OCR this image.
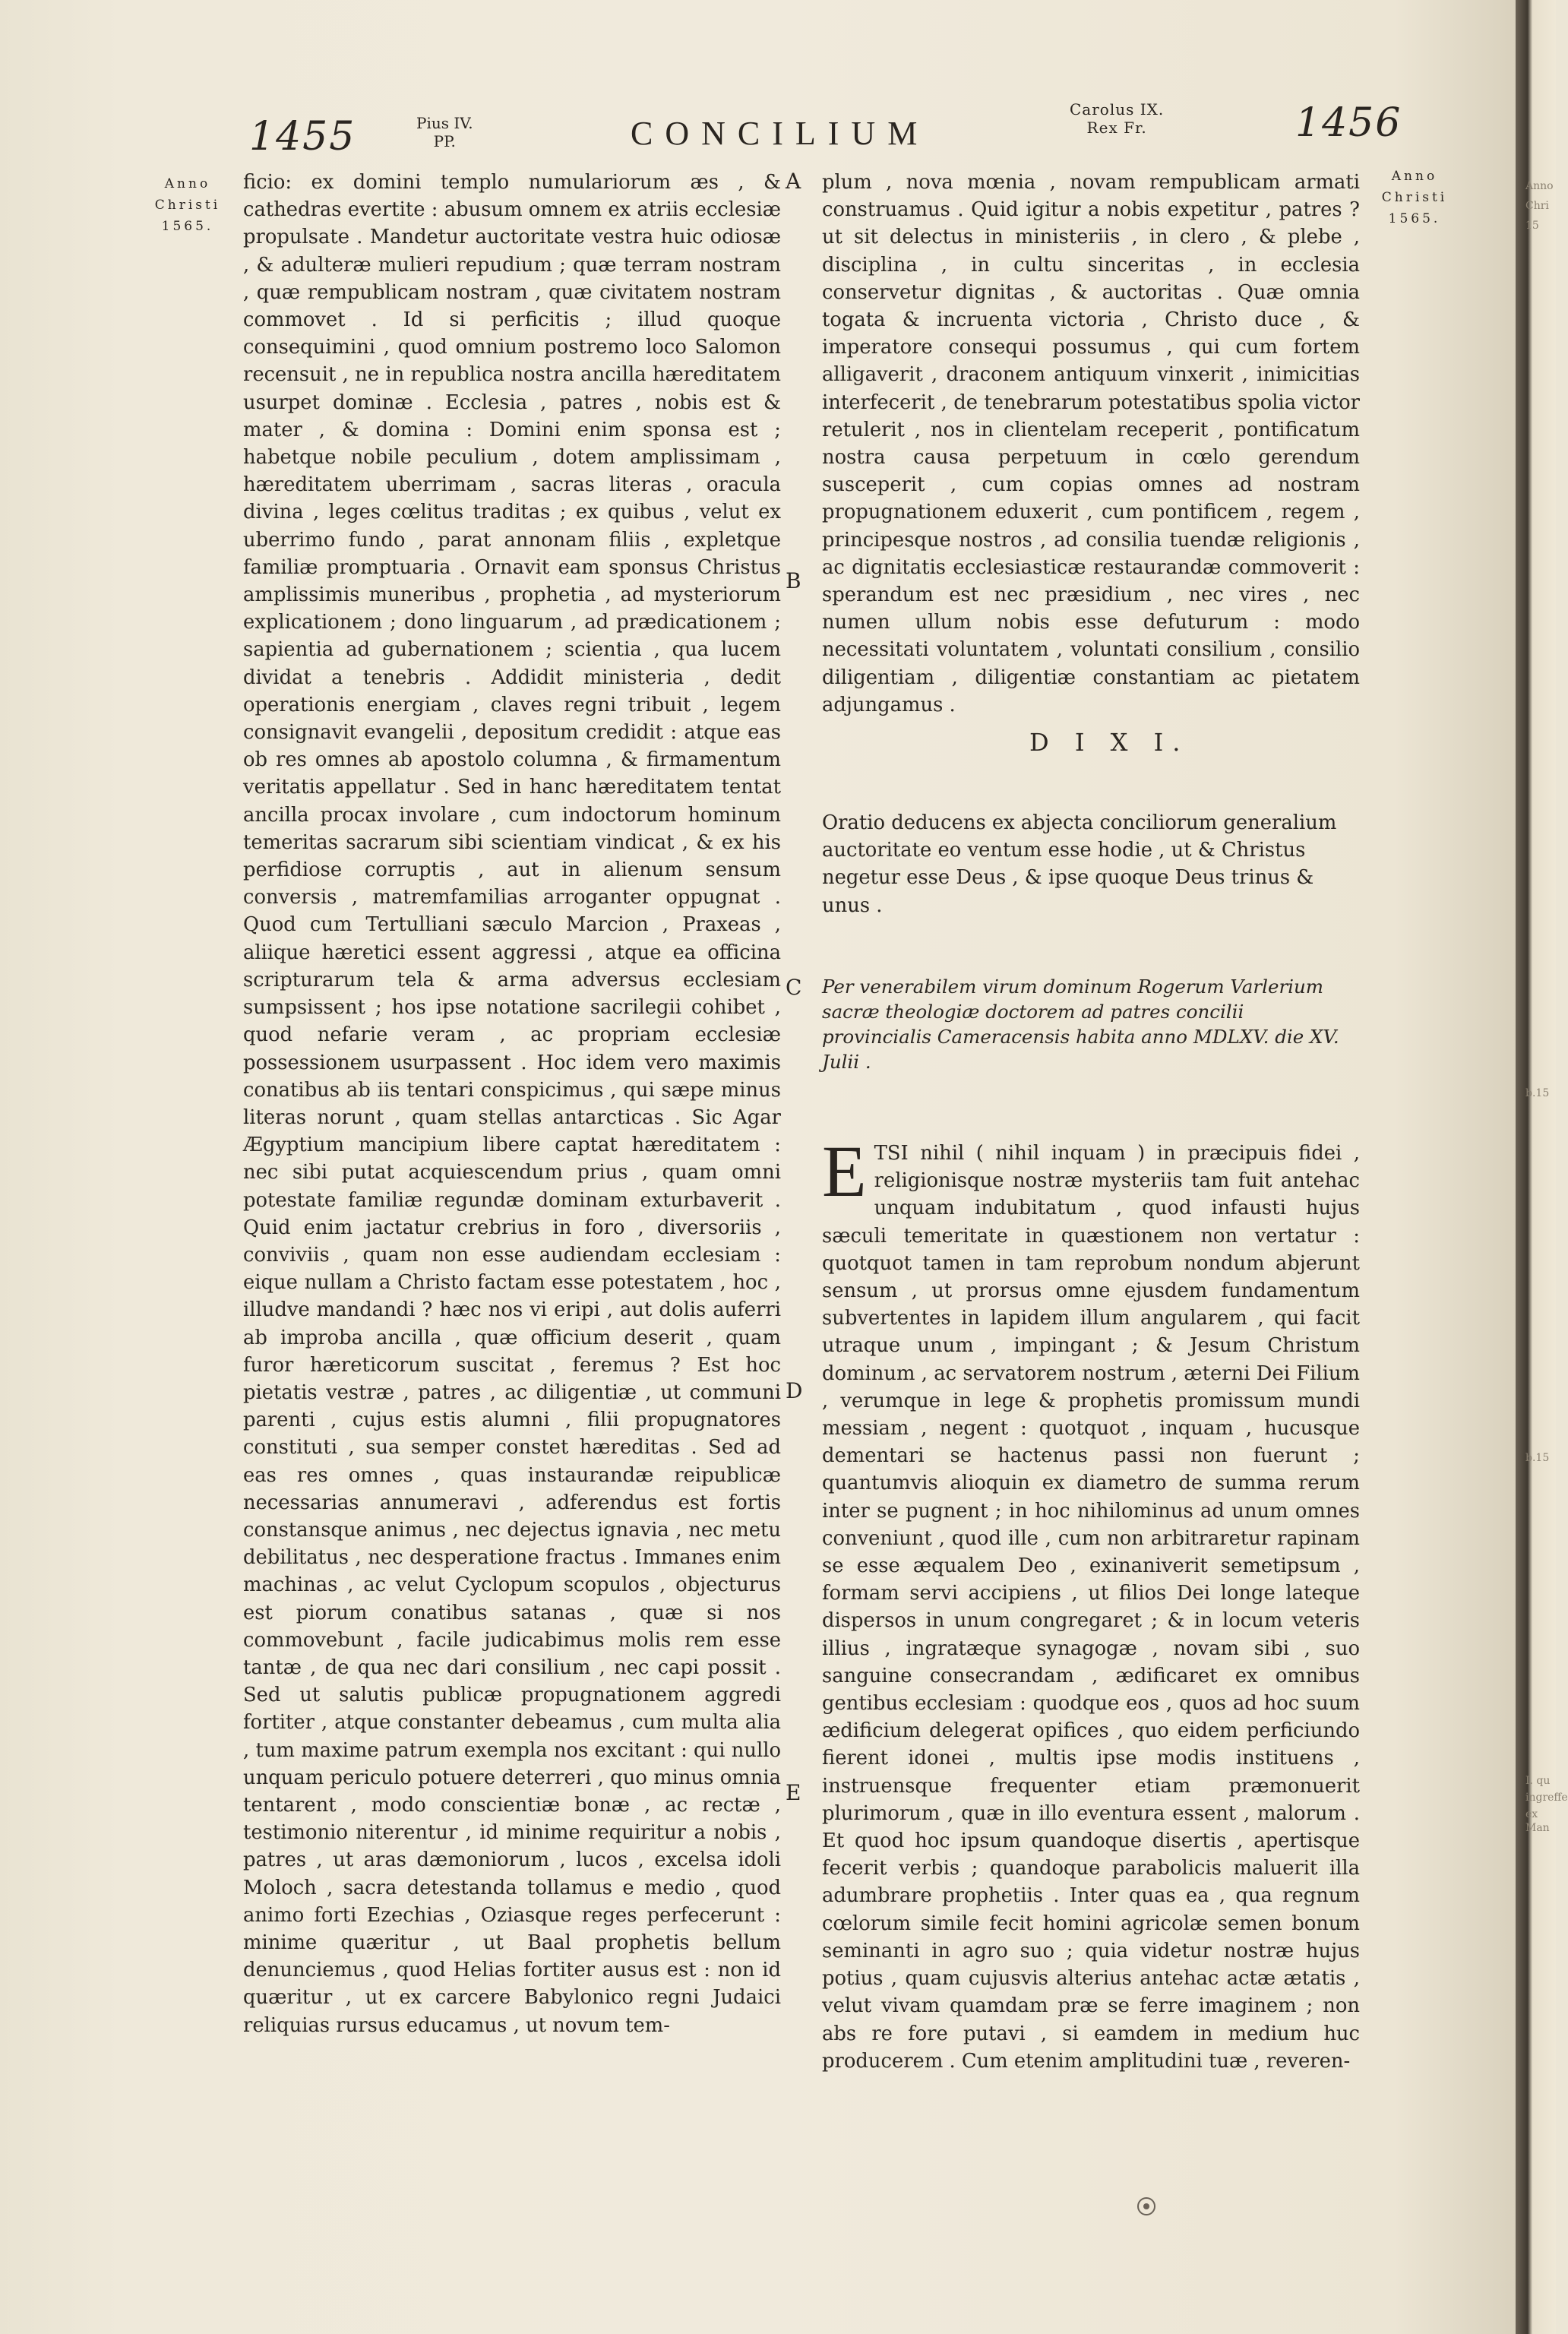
1455	Pius IV.
PP.	CONCILIUM
Carolus IX.
Rex Fr.	1456
Anno
Christi
1565.
Anno
Christi
1565.
A
B
C
D
E

ficio: ex domini templo numulariorum æs , & cathedras evertite : abusum omnem ex atriis ecclesiæ propulsate . Mandetur auctoritate vestra huic odiosæ , & adulteræ mulieri repudium ; quæ terram nostram , quæ rempublicam nostram , quæ civitatem nostram commovet . Id si perficitis ; illud quoque consequimini , quod omnium postremo loco Salomon recensuit , ne in republica nostra ancilla hæreditatem usurpet dominæ . Ecclesia , patres , nobis est & mater , & domina : Domini enim sponsa est ; habetque nobile peculium , dotem amplissimam , hæreditatem uberrimam , sacras literas , oracula divina , leges cœlitus traditas ; ex quibus , velut ex uberrimo fundo , parat annonam filiis , expletque familiæ promptuaria . Ornavit eam sponsus Christus amplissimis muneribus , prophetia , ad mysteriorum explicationem ; dono linguarum , ad prædicationem ; sapientia ad gubernationem ; scientia , qua lucem dividat a tenebris . Addidit ministeria , dedit operationis energiam , claves regni tribuit , legem consignavit evangelii , depositum credidit : atque eas ob res omnes ab apostolo columna , & firmamentum veritatis appellatur . Sed in hanc hæreditatem tentat ancilla procax involare , cum indoctorum hominum temeritas sacrarum sibi scientiam vindicat , & ex his perfidiose corruptis , aut in alienum sensum conversis , matremfamilias arroganter oppugnat . Quod cum Tertulliani sæculo Marcion , Praxeas , aliique hæretici essent aggressi , atque ea officina scripturarum tela & arma adversus ecclesiam sumpsissent ; hos ipse notatione sacrilegii cohibet , quod nefarie veram , ac propriam ecclesiæ possessionem usurpassent . Hoc idem vero maximis conatibus ab iis tentari conspicimus , qui sæpe minus literas norunt , quam stellas antarcticas . Sic Agar Ægyptium mancipium libere captat hæreditatem : nec sibi putat acquiescendum prius , quam omni potestate familiæ regundæ dominam exturbaverit . Quid enim jactatur crebrius in foro , diversoriis , conviviis , quam non esse audiendam ecclesiam : eique nullam a Christo factam esse potestatem , hoc , illudve mandandi ? hæc nos vi eripi , aut dolis auferri ab improba ancilla , quæ officium deserit , quam furor hæreticorum suscitat , feremus ? Est hoc pietatis vestræ , patres , ac diligentiæ , ut communi parenti , cujus estis alumni , filii propugnatores constituti , sua semper constet hæreditas . Sed ad eas res omnes , quas instaurandæ reipublicæ necessarias annumeravi , adferendus est fortis constansque animus , nec dejectus ignavia , nec metu debilitatus , nec desperatione fractus . Immanes enim machinas , ac velut Cyclopum scopulos , objecturus est piorum conatibus satanas , quæ si nos commovebunt , facile judicabimus molis rem esse tantæ , de qua nec dari consilium , nec capi possit . Sed ut salutis publicæ propugnationem aggredi fortiter , atque constanter debeamus , cum multa alia , tum maxime patrum exempla nos excitant : qui nullo unquam periculo potuere deterreri , quo minus omnia tentarent , modo conscientiæ bonæ , ac rectæ , testimonio niterentur , id minime requiritur a nobis , patres , ut aras dæmoniorum , lucos , excelsa idoli Moloch , sacra detestanda tollamus e medio , quod animo forti Ezechias , Oziasque reges perfecerunt : minime quæritur , ut Baal prophetis bellum denunciemus , quod Helias fortiter ausus est : non id quæritur , ut ex carcere Babylonico regni Judaici reliquias rursus educamus , ut novum tem-

plum , nova mœnia , novam rempublicam armati construamus . Quid igitur a nobis expetitur , patres ? ut sit delectus in ministeriis , in clero , & plebe , disciplina , in cultu sinceritas , in ecclesia conservetur dignitas , & auctoritas . Quæ omnia togata & incruenta victoria , Christo duce , & imperatore consequi possumus , qui cum fortem alligaverit , draconem antiquum vinxerit , inimicitias interfecerit , de tenebrarum potestatibus spolia victor retulerit , nos in clientelam receperit , pontificatum nostra causa perpetuum in cœlo gerendum susceperit , cum copias omnes ad nostram propugnationem eduxerit , cum pontificem , regem , principesque nostros , ad consilia tuendæ religionis , ac dignitatis ecclesiasticæ restaurandæ commoverit : sperandum est nec præsidium , nec vires , nec numen ullum nobis esse defuturum : modo necessitati voluntatem , voluntati consilium , consilio diligentiam , diligentiæ constantiam ac pietatem adjungamus .

D I X I.
Oratio deducens ex abjecta conciliorum generalium auctoritate eo ventum esse hodie , ut & Christus negetur esse Deus , & ipse quoque Deus trinus & unus .
Per venerabilem virum dominum Rogerum Varlerium sacræ theologiæ doctorem ad patres concilii provincialis Cameracensis habita anno MDLXV. die XV. Julii .
E TSI nihil ( nihil inquam ) in præcipuis fidei , religionisque nostræ mysteriis tam fuit antehac unquam indubitatum , quod infausti hujus sæculi temeritate in quæstionem non vertatur : quotquot tamen in tam reprobum nondum abjerunt sensum , ut prorsus omne ejusdem fundamentum subvertentes in lapidem illum angularem , qui facit utraque unum , impingant ; & Jesum Christum dominum , ac servatorem nostrum , æterni Dei Filium , verumque in lege & prophetis promissum mundi messiam , negent : quotquot , inquam , hucusque dementari se hactenus passi non fuerunt ; quantumvis alioquin ex diametro de summa rerum inter se pugnent ; in hoc nihilominus ad unum omnes conveniunt , quod ille , cum non arbitraretur rapinam se esse æqualem Deo , exinaniverit semetipsum , formam servi accipiens , ut filios Dei longe lateque dispersos in unum congregaret ; & in locum veteris illius , ingratæque synagogæ , novam sibi , suo sanguine consecrandam , ædificaret ex omnibus gentibus ecclesiam : quodque eos , quos ad hoc suum ædificium delegerat opifices , quo eidem perficiundo fierent idonei , multis ipse modis instituens , instruensque frequenter etiam præmonuerit plurimorum , quæ in illo eventura essent , malorum . Et quod hoc ipsum quandoque disertis , apertisque fecerit verbis ; quandoque parabolicis maluerit illa adumbrare prophetiis . Inter quas ea , qua regnum cœlorum simile fecit homini agricolæ semen bonum seminanti in agro suo ; quia videtur nostræ hujus potius , quam cujusvis alterius antehac actæ ætatis , velut vivam quamdam præ se ferre imaginem ; non abs re fore putavi , si eamdem in medium huc producerem . Cum etenim amplitudini tuæ , reveren-
Anno
Chri
15
b.15
b.15
I. qu
ingreffe
ex Man
